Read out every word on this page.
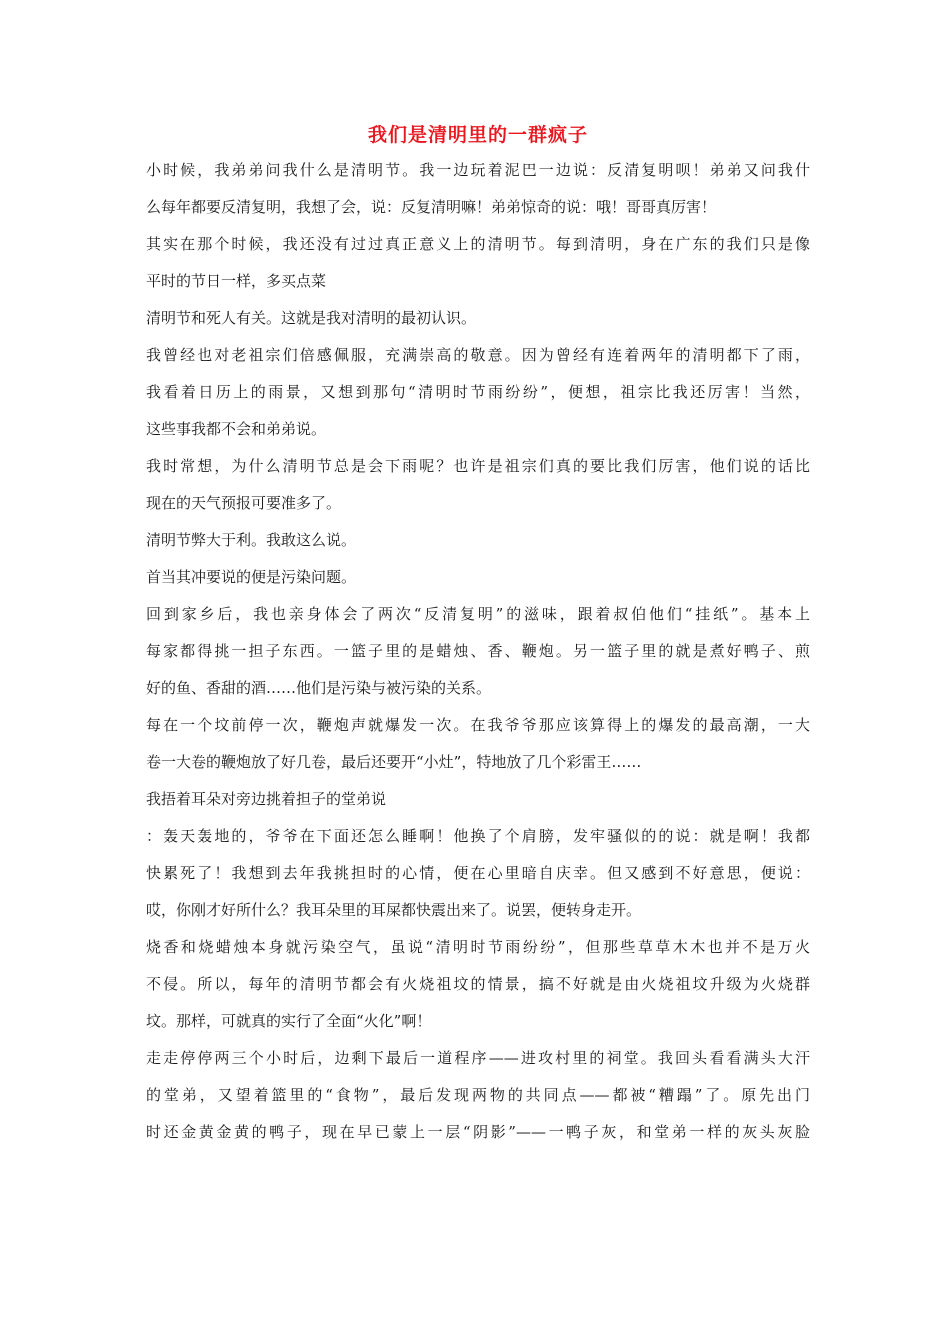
我们是清明里的一群疯子

小时候，我弟弟问我什么是清明节。我一边玩着泥巴一边说：反清复明呗！弟弟又问我什

么每年都要反清复明，我想了会，说：反复清明嘛！弟弟惊奇的说：哦！哥哥真厉害！

其实在那个时候，我还没有过过真正意义上的清明节。每到清明，身在广东的我们只是像

平时的节日一样，多买点菜

清明节和死人有关。这就是我对清明的最初认识。

我曾经也对老祖宗们倍感佩服，充满崇高的敬意。因为曾经有连着两年的清明都下了雨，

我看着日历上的雨景，又想到那句“清明时节雨纷纷”，便想，祖宗比我还厉害！当然，

这些事我都不会和弟弟说。

我时常想，为什么清明节总是会下雨呢？也许是祖宗们真的要比我们厉害，他们说的话比

现在的天气预报可要准多了。

清明节弊大于利。我敢这么说。

首当其冲要说的便是污染问题。

回到家乡后，我也亲身体会了两次“反清复明”的滋味，跟着叔伯他们“挂纸”。基本上

每家都得挑一担子东西。一篮子里的是蜡烛、香、鞭炮。另一篮子里的就是煮好鸭子、煎

好的鱼、香甜的酒……他们是污染与被污染的关系。

每在一个坟前停一次，鞭炮声就爆发一次。在我爷爷那应该算得上的爆发的最高潮，一大

卷一大卷的鞭炮放了好几卷，最后还要开“小灶”，特地放了几个彩雷王……

我捂着耳朵对旁边挑着担子的堂弟说

：轰天轰地的，爷爷在下面还怎么睡啊！他换了个肩膀，发牢骚似的的说：就是啊！我都

快累死了！我想到去年我挑担时的心情，便在心里暗自庆幸。但又感到不好意思，便说：

哎，你刚才好所什么？我耳朵里的耳屎都快震出来了。说罢，便转身走开。

烧香和烧蜡烛本身就污染空气，虽说“清明时节雨纷纷”，但那些草草木木也并不是万火

不侵。所以，每年的清明节都会有火烧祖坟的情景，搞不好就是由火烧祖坟升级为火烧群

坟。那样，可就真的实行了全面“火化”啊！

走走停停两三个小时后，边剩下最后一道程序——进攻村里的祠堂。我回头看看满头大汗

的堂弟，又望着篮里的“食物”，最后发现两物的共同点——都被“糟蹋”了。原先出门

时还金黄金黄的鸭子，现在早已蒙上一层“阴影”——一鸭子灰，和堂弟一样的灰头灰脸
